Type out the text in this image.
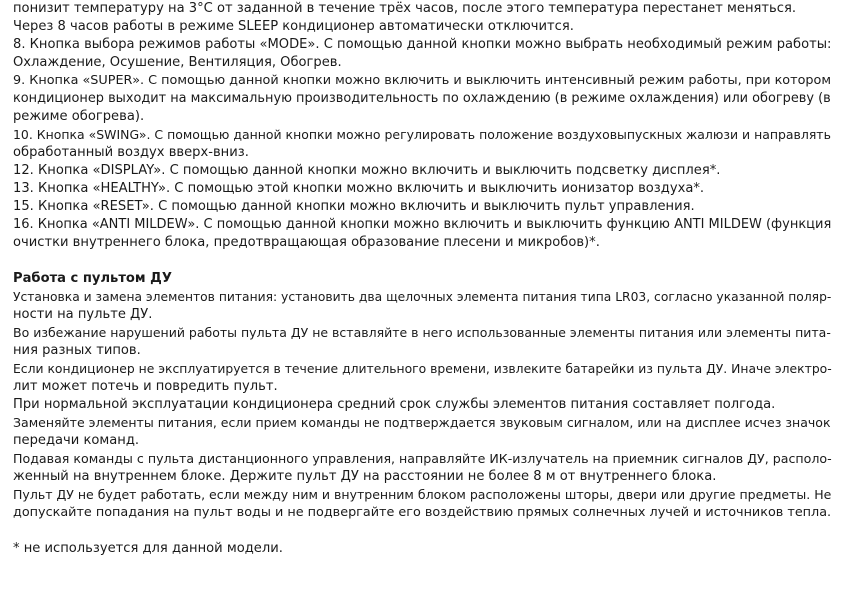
понизит температуру на 3°С от заданной в течение трёх часов, после этого температура перестанет меняться.
Через 8 часов работы в режиме SLEEP кондиционер автоматически отключится.
8. Кнопка выбора режимов работы «MODE». С помощью данной кнопки можно выбрать необходимый режим работы:
Охлаждение, Осушение, Вентиляция, Обогрев.
9. Кнопка «SUPER». С помощью данной кнопки можно включить и выключить интенсивный режим работы, при котором
кондиционер выходит на максимальную производительность по охлаждению (в режиме охлаждения) или обогреву (в
режиме обогрева).
10. Кнопка «SWING». С помощью данной кнопки можно регулировать положение воздуховыпускных жалюзи и направлять
обработанный воздух вверх-вниз.
12. Кнопка «DISPLAY». С помощью данной кнопки можно включить и выключить подсветку дисплея*.
13. Кнопка «HEALTHY». С помощью этой кнопки можно включить и выключить ионизатор воздуха*.
15. Кнопка «RESET». С помощью данной кнопки можно включить и выключить пульт управления.
16. Кнопка «ANTI MILDEW». С помощью данной кнопки можно включить и выключить функцию ANTI MILDEW (функция
очистки внутреннего блока, предотвращающая образование плесени и микробов)*.
Работа с пультом ДУ
Установка и замена элементов питания: установить два щелочных элемента питания типа LR03, согласно указанной поляр-
ности на пульте ДУ.
Во избежание нарушений работы пульта ДУ не вставляйте в него использованные элементы питания или элементы пита-
ния разных типов.
Если кондиционер не эксплуатируется в течение длительного времени, извлеките батарейки из пульта ДУ. Иначе электро-
лит может потечь и повредить пульт.
При нормальной эксплуатации кондиционера средний срок службы элементов питания составляет полгода.
Заменяйте элементы питания, если прием команды не подтверждается звуковым сигналом, или на дисплее исчез значок
передачи команд.
Подавая команды с пульта дистанционного управления, направляйте ИК-излучатель на приемник сигналов ДУ, располо-
женный на внутреннем блоке. Держите пульт ДУ на расстоянии не более 8 м от внутреннего блока.
Пульт ДУ не будет работать, если между ним и внутренним блоком расположены шторы, двери или другие предметы. Не
допускайте попадания на пульт воды и не подвергайте его воздействию прямых солнечных лучей и источников тепла.
* не используется для данной модели.
